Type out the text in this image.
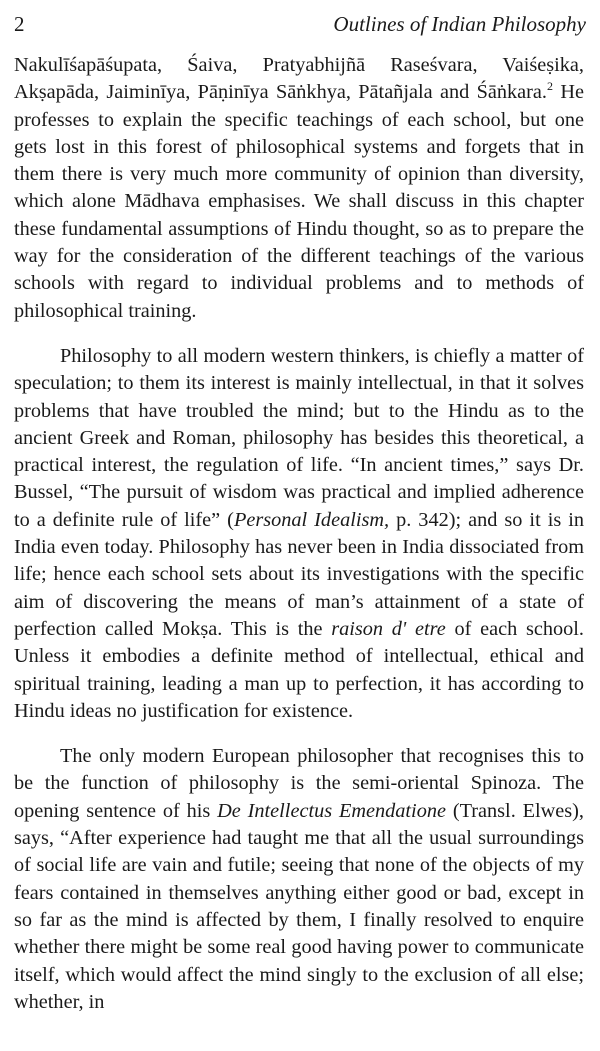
2	Outlines of Indian Philosophy

Nakulīśapāśupata, Śaiva, Pratyabhijñā Raseśvara, Vaiśeṣika, Akṣapāda, Jaiminīya, Pāṇinīya Sāṅkhya, Pātañjala and Śāṅkara.$^2$ He professes to explain the specific teachings of each school, but one gets lost in this forest of philosophical systems and forgets that in them there is very much more community of opinion than diversity, which alone Mādhava emphasises. We shall discuss in this chapter these fundamental assumptions of Hindu thought, so as to prepare the way for the consideration of the different teachings of the various schools with regard to individual problems and to methods of philosophical training.

Philosophy to all modern western thinkers, is chiefly a matter of speculation; to them its interest is mainly intellectual, in that it solves problems that have troubled the mind; but to the Hindu as to the ancient Greek and Roman, philosophy has besides this theoretical, a practical interest, the regulation of life. “In ancient times,” says Dr. Bussel, “The pursuit of wisdom was practical and implied adherence to a definite rule of life” (Personal Idealism, p. 342); and so it is in India even today. Philosophy has never been in India dissociated from life; hence each school sets about its investigations with the specific aim of discovering the means of man’s attainment of a state of perfection called Mokṣa. This is the raison d' etre of each school. Unless it embodies a definite method of intellectual, ethical and spiritual training, leading a man up to perfection, it has according to Hindu ideas no justification for existence.

The only modern European philosopher that recognises this to be the function of philosophy is the semi-oriental Spinoza. The opening sentence of his De Intellectus Emendatione (Transl. Elwes), says, “After experience had taught me that all the usual surroundings of social life are vain and futile; seeing that none of the objects of my fears contained in themselves anything either good or bad, except in so far as the mind is affected by them, I finally resolved to enquire whether there might be some real good having power to communicate itself, which would affect the mind singly to the exclusion of all else; whether, in
